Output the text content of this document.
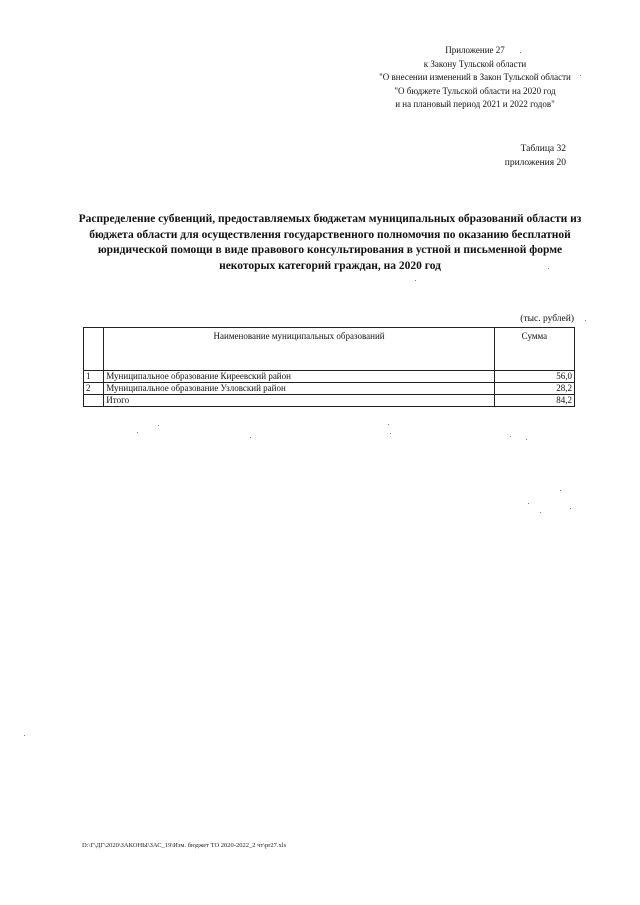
Приложение 27
к Закону Тульской области
"О внесении изменений в Закон Тульской области
"О бюджете Тульской области на 2020 год
и на плановый период 2021 и 2022 годов"
Таблица 32
приложения 20
Распределение субвенций, предоставляемых бюджетам муниципальных образований области из бюджета области для осуществления государственного полномочия по оказанию бесплатной юридической помощи в виде правового консультирования в устной и письменной форме некоторых категорий граждан, на 2020 год
(тыс. рублей)
	Наименование муниципальных образований	Сумма
1	Муниципальное образование Киреевский район	56,0
2	Муниципальное образование Узловский район	28,2
	Итого	84,2
D:\Г\ДГ\2020\ЗАКОНЫ\ЗАС_19\Изм. бюджет ТО 2020-2022_2 чт\pr27.xls
